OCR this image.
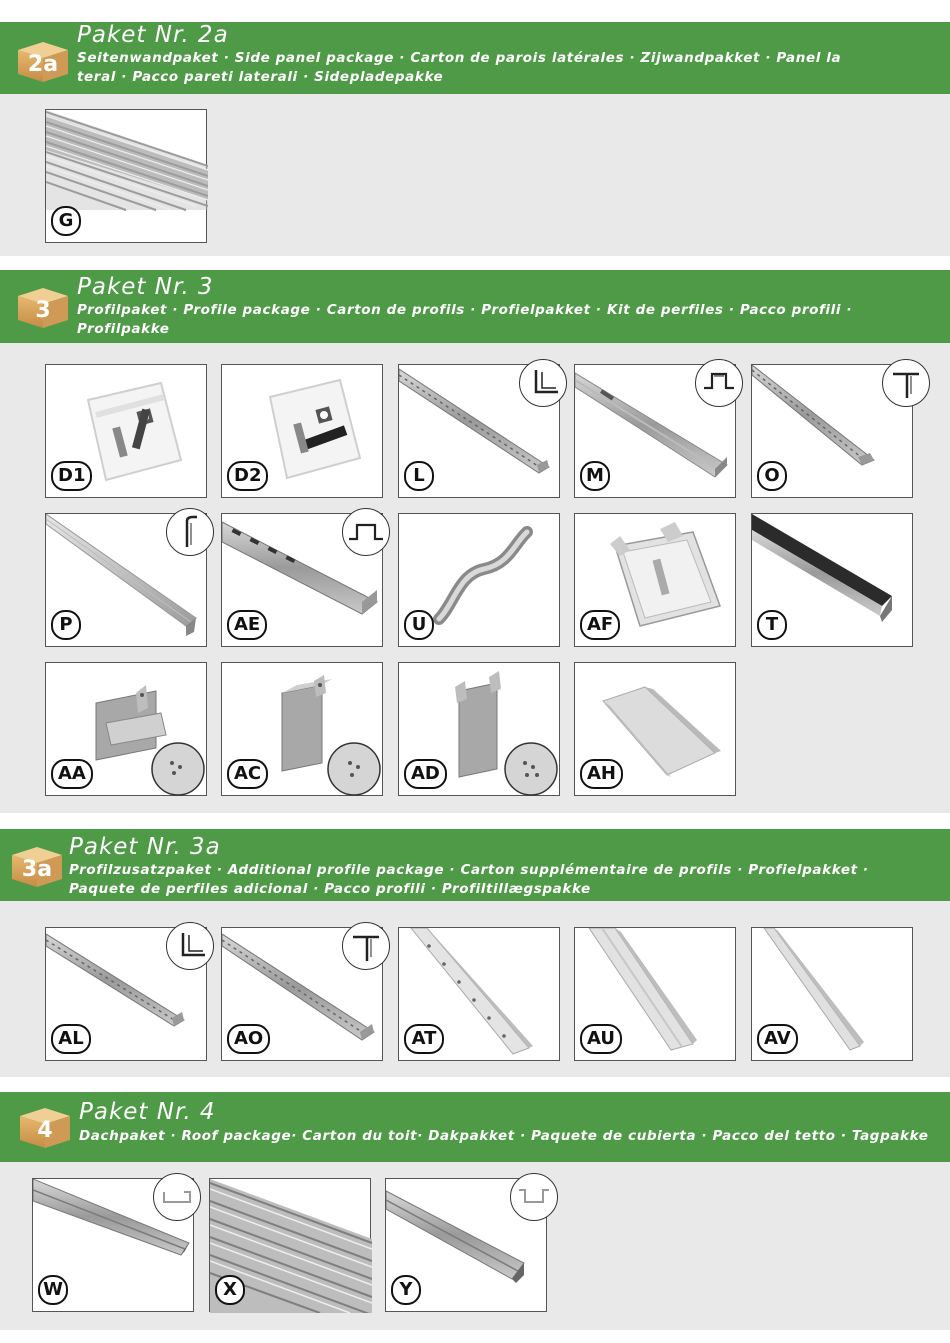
2a
Paket Nr. 2a
Seitenwandpaket · Side panel package · Carton de parois latérales · Zijwandpakket · Panel la teral · Pacco pareti laterali · Sidepladepakke
G
3
Paket Nr. 3
Profilpaket · Profile package · Carton de profils · Profielpakket · Kit de perfiles · Pacco profili · Profilpakke
D1	D2	L	M	O
P	AE	U	AF	T
AA	AC	AD	AH
3a
Paket Nr. 3a
Profilzusatzpaket · Additional profile package · Carton supplémentaire de profils · Profielpakket · Paquete de perfiles adicional · Pacco profili · Profiltillægspakke
AL	AO	AT	AU	AV
4
Paket Nr. 4
Dachpaket · Roof package· Carton du toit· Dakpakket · Paquete de cubierta · Pacco del tetto · Tagpakke
W	X	Y
